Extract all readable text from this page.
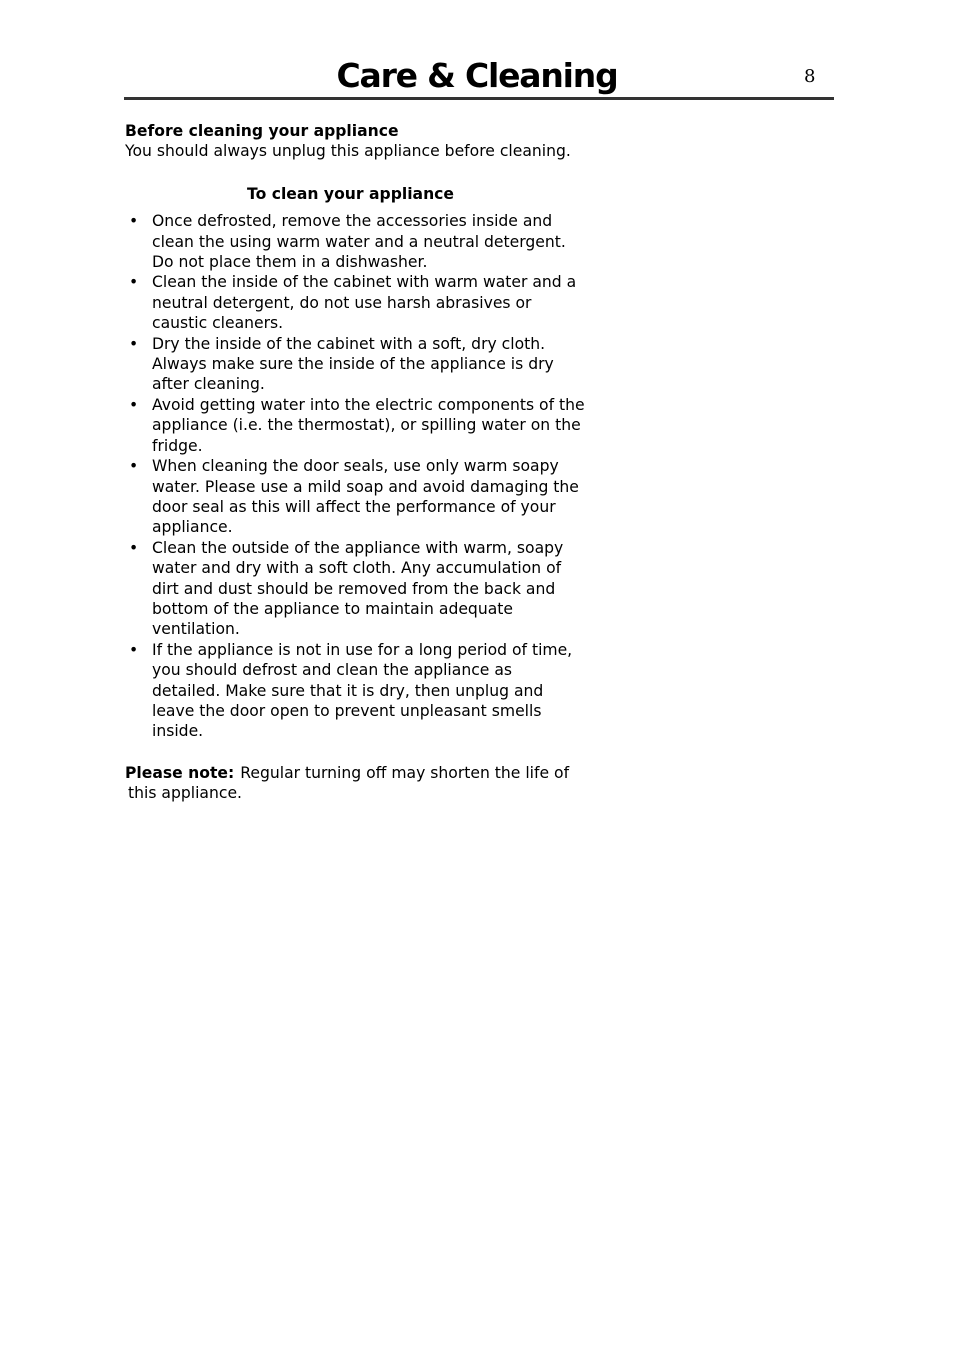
Care & Cleaning	8

Before cleaning your appliance

You should always unplug this appliance before cleaning.

To clean your appliance

• Once defrosted, remove the accessories inside and clean the using warm water and a neutral detergent. Do not place them in a dishwasher.
• Clean the inside of the cabinet with warm water and a neutral detergent, do not use harsh abrasives or caustic cleaners.
• Dry the inside of the cabinet with a soft, dry cloth. Always make sure the inside of the appliance is dry after cleaning.
• Avoid getting water into the electric components of the appliance (i.e. the thermostat), or spilling water on the fridge.
• When cleaning the door seals, use only warm soapy water. Please use a mild soap and avoid damaging the door seal as this will affect the performance of your appliance.
• Clean the outside of the appliance with warm, soapy water and dry with a soft cloth. Any accumulation of dirt and dust should be removed from the back and bottom of the appliance to maintain adequate ventilation.
• If the appliance is not in use for a long period of time, you should defrost and clean the appliance as detailed. Make sure that it is dry, then unplug and leave the door open to prevent unpleasant smells inside.

Please note: Regular turning off may shorten the life of
this appliance.
